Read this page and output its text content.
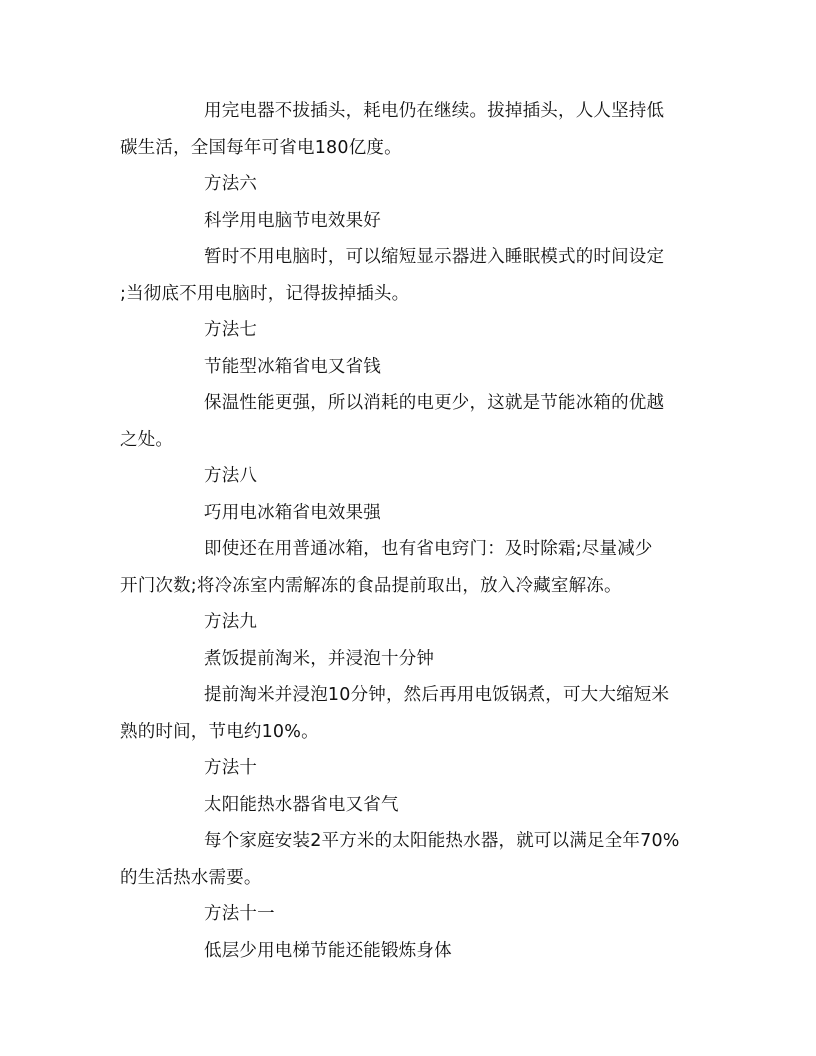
用完电器不拔插头，耗电仍在继续。拔掉插头，人人坚持低
碳生活，全国每年可省电180亿度。
方法六
科学用电脑节电效果好
暂时不用电脑时，可以缩短显示器进入睡眠模式的时间设定
;当彻底不用电脑时，记得拔掉插头。
方法七
节能型冰箱省电又省钱
保温性能更强，所以消耗的电更少，这就是节能冰箱的优越
之处。
方法八
巧用电冰箱省电效果强
即使还在用普通冰箱，也有省电窍门：及时除霜;尽量减少
开门次数;将冷冻室内需解冻的食品提前取出，放入冷藏室解冻。
方法九
煮饭提前淘米，并浸泡十分钟
提前淘米并浸泡10分钟，然后再用电饭锅煮，可大大缩短米
熟的时间，节电约10%。
方法十
太阳能热水器省电又省气
每个家庭安装2平方米的太阳能热水器，就可以满足全年70%
的生活热水需要。
方法十一
低层少用电梯节能还能锻炼身体
